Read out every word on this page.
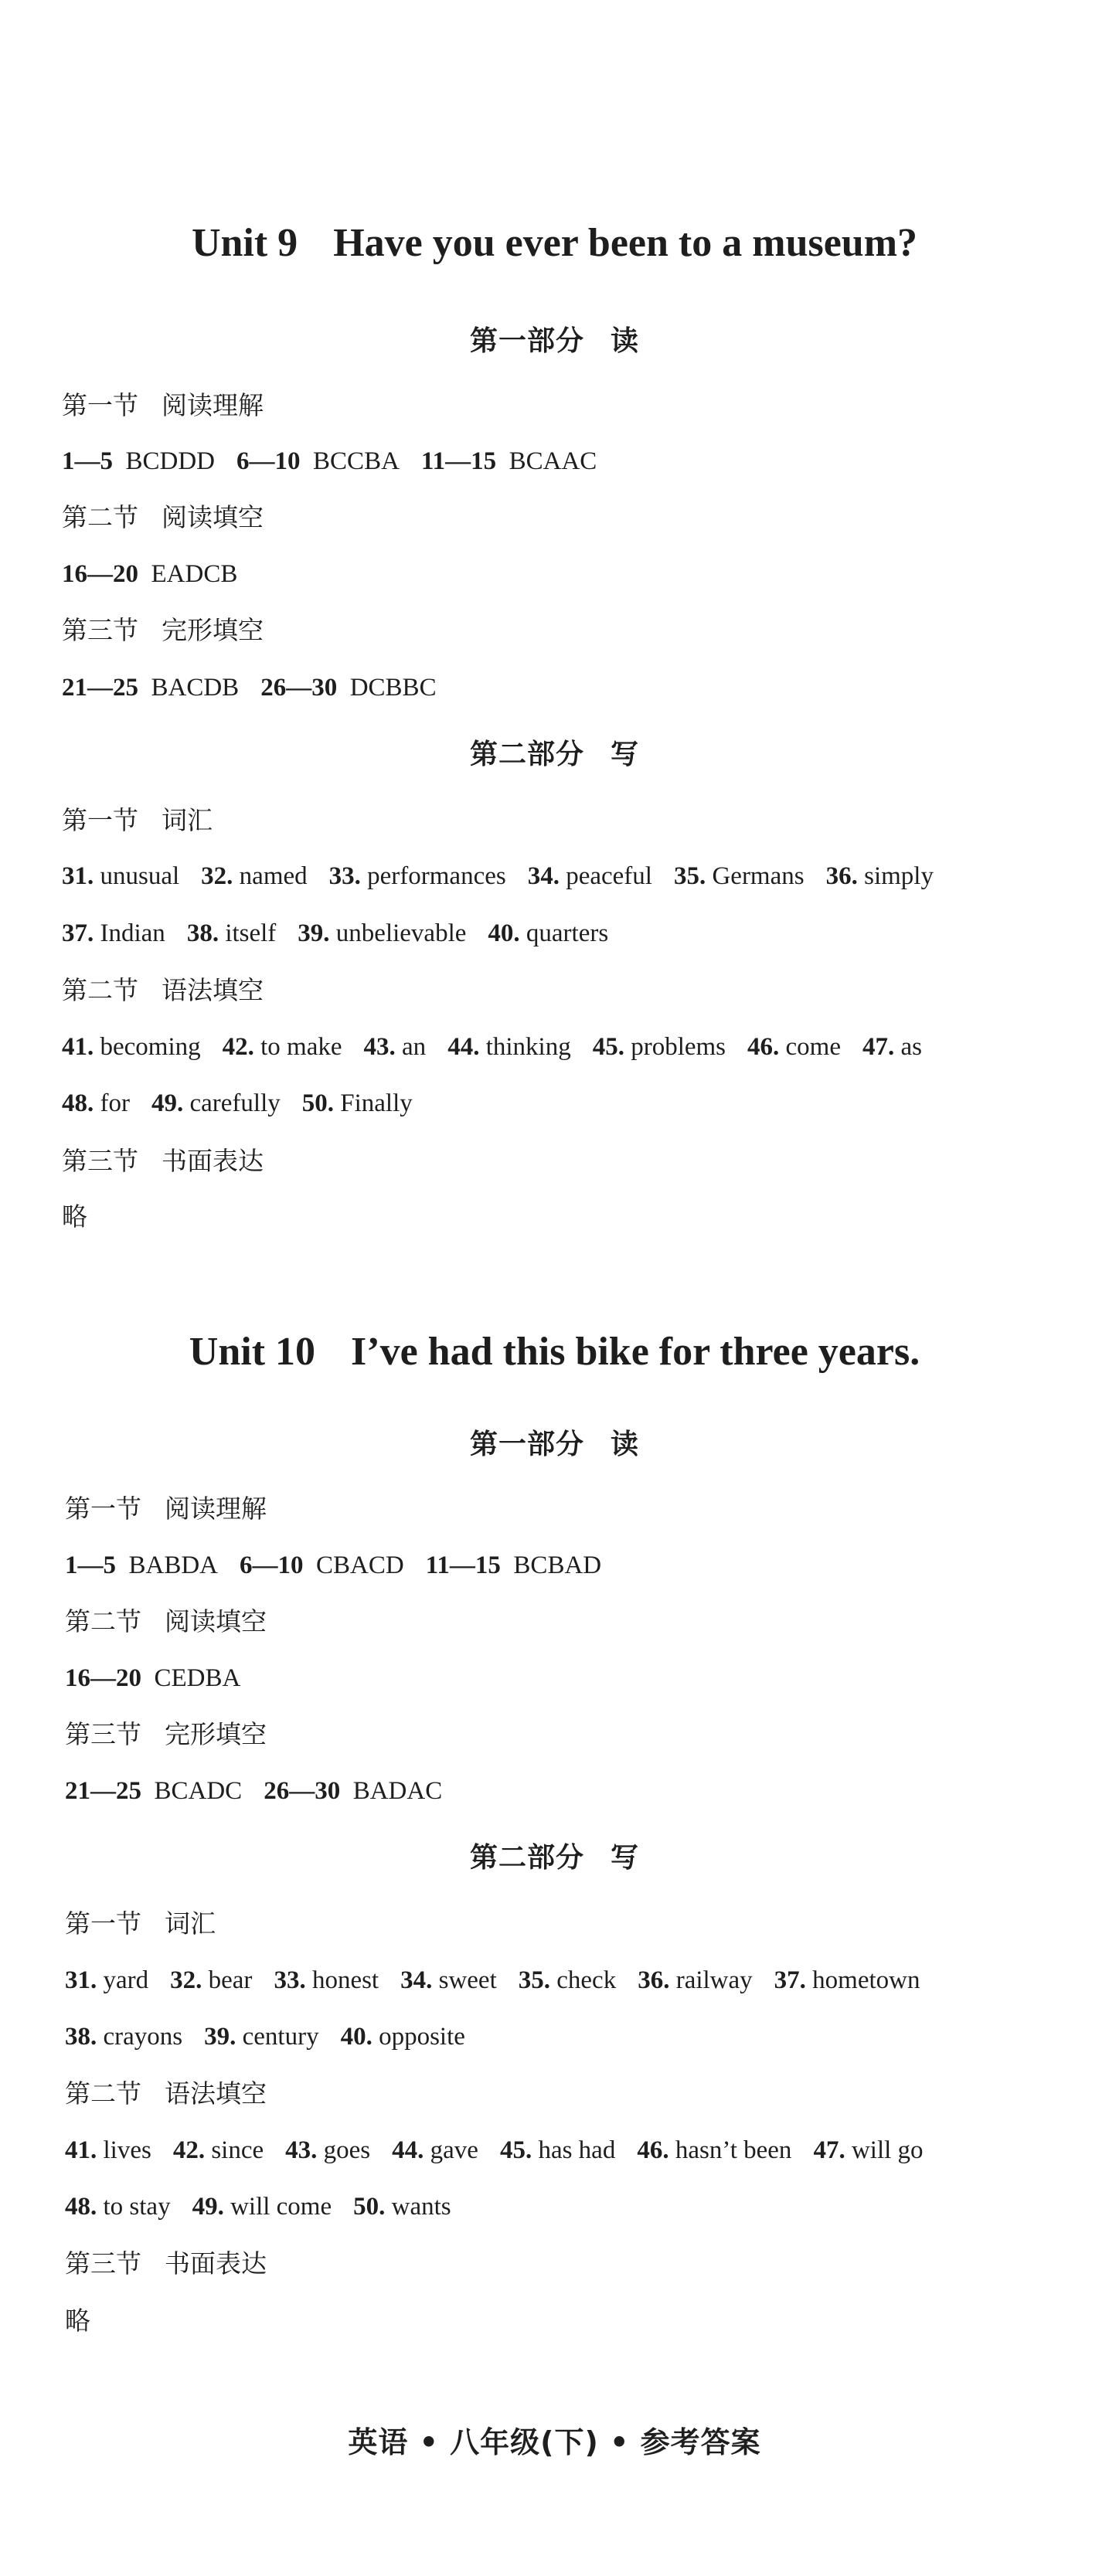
Unit 9 Have you ever been to a museum?
第一部分 读
第一节 阅读理解
1—5 BCDDD 6—10 BCCBA 11—15 BCAAC
第二节 阅读填空
16—20 EADCB
第三节 完形填空
21—25 BACDB 26—30 DCBBC
第二部分 写
第一节 词汇
31. unusual 32. named 33. performances 34. peaceful 35. Germans 36. simply
37. Indian 38. itself 39. unbelievable 40. quarters
第二节 语法填空
41. becoming 42. to make 43. an 44. thinking 45. problems 46. come 47. as
48. for 49. carefully 50. Finally
第三节 书面表达
略
Unit 10 I’ve had this bike for three years.
第一部分 读
第一节 阅读理解
1—5 BABDA 6—10 CBACD 11—15 BCBAD
第二节 阅读填空
16—20 CEDBA
第三节 完形填空
21—25 BCADC 26—30 BADAC
第二部分 写
第一节 词汇
31. yard 32. bear 33. honest 34. sweet 35. check 36. railway 37. hometown
38. crayons 39. century 40. opposite
第二节 语法填空
41. lives 42. since 43. goes 44. gave 45. has had 46. hasn’t been 47. will go
48. to stay 49. will come 50. wants
第三节 书面表达
略
英语 • 八年级(下) • 参考答案
